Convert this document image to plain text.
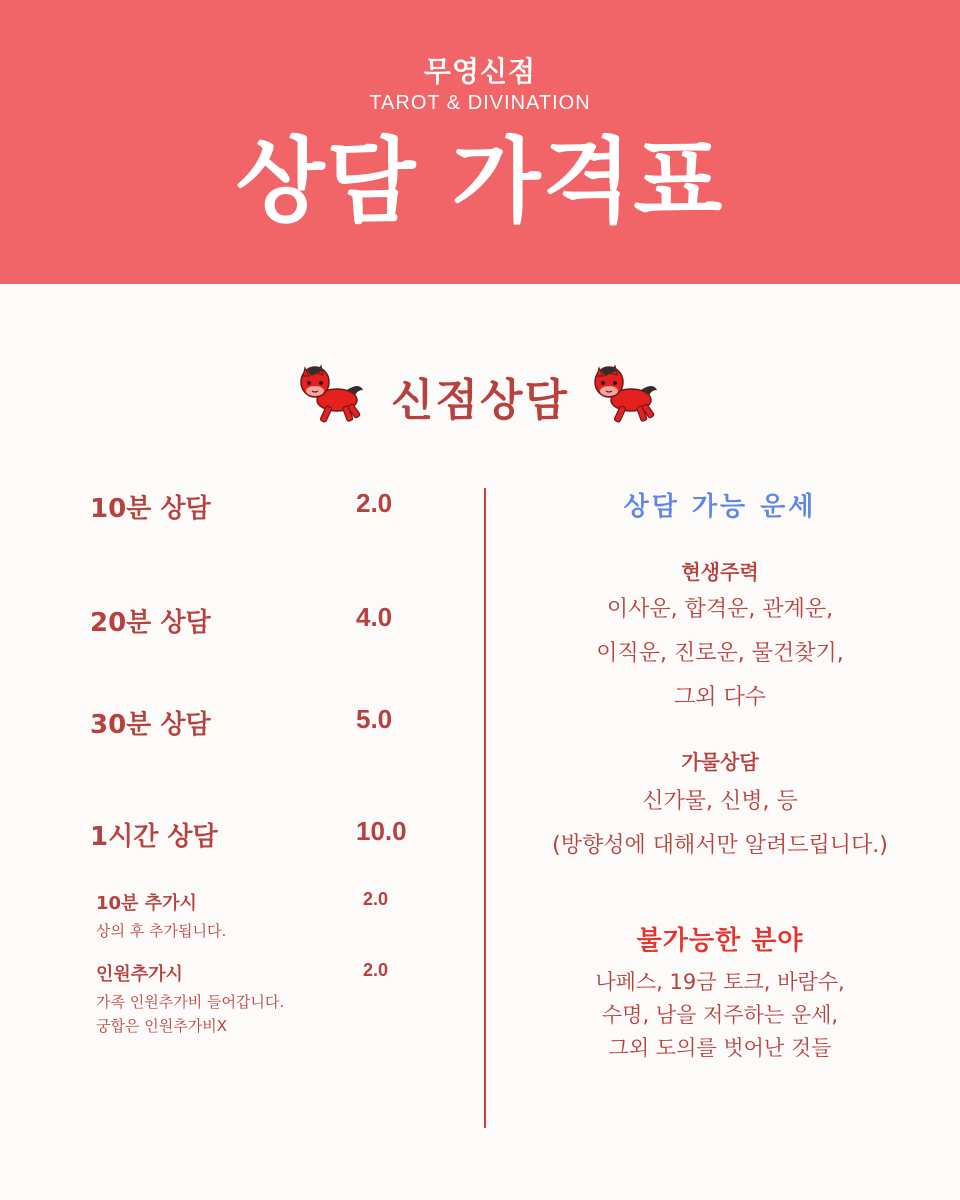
무영신점
TAROT & DIVINATION
상담 가격표
신점상담
10분 상담	2.0
20분 상담	4.0
30분 상담	5.0
1시간 상담	10.0
10분 추가시	2.0
상의 후 추가됩니다.
인원추가시	2.0
가족 인원추가비 들어갑니다.
궁합은 인원추가비X
상담 가능 운세
현생주력
이사운, 합격운, 관계운,
이직운, 진로운, 물건찾기,
그외 다수
가물상담
신가물, 신병, 등
(방향성에 대해서만 알려드립니다.)
불가능한 분야
나페스, 19금 토크, 바람수,
수명, 남을 저주하는 운세,
그외 도의를 벗어난 것들
